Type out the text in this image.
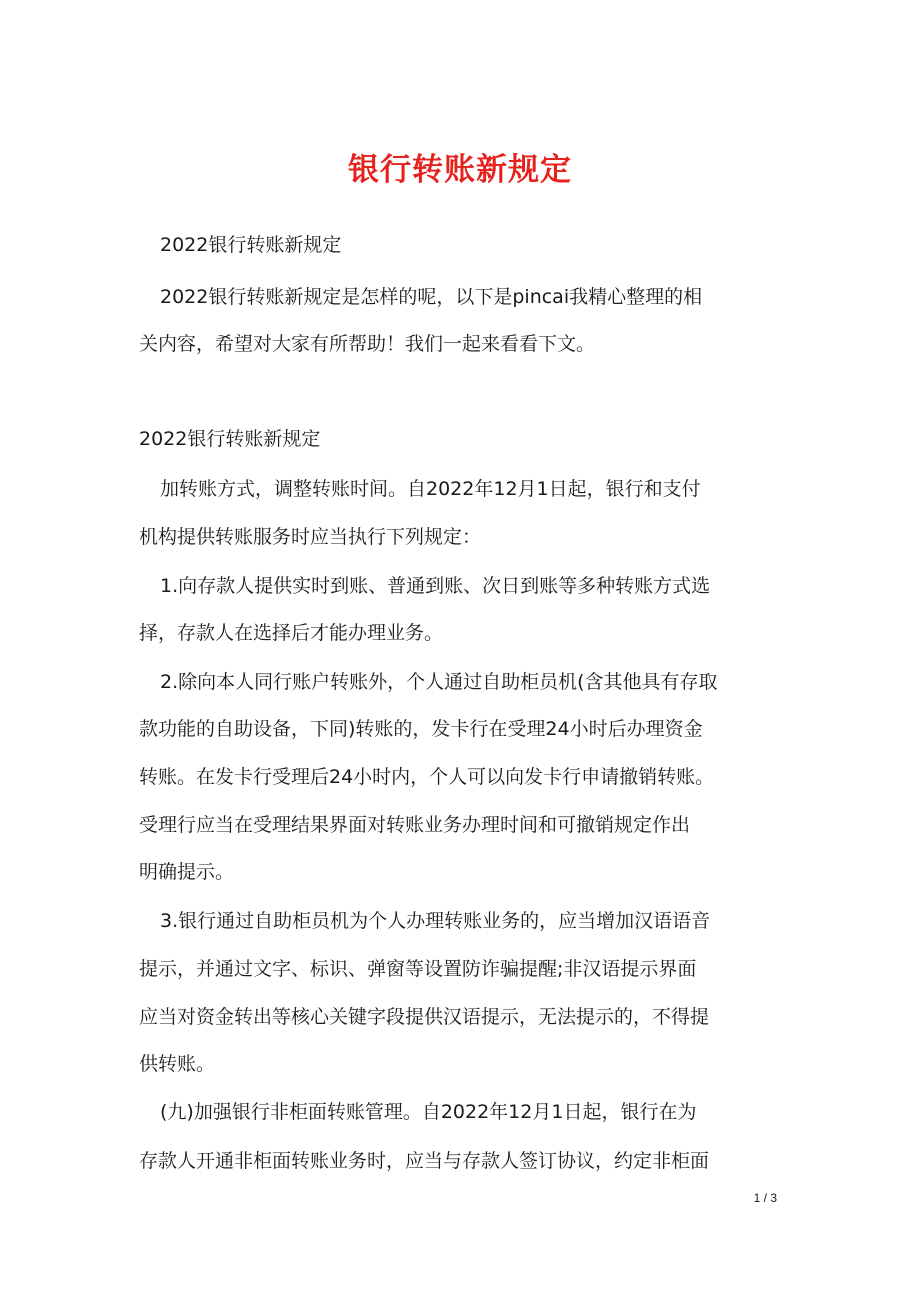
银行转账新规定
2022银行转账新规定
2022银行转账新规定是怎样的呢，以下是pincai我精心整理的相
关内容，希望对大家有所帮助！我们一起来看看下文。
2022银行转账新规定
加转账方式，调整转账时间。自2022年12月1日起，银行和支付
机构提供转账服务时应当执行下列规定：
1.向存款人提供实时到账、普通到账、次日到账等多种转账方式选
择，存款人在选择后才能办理业务。
2.除向本人同行账户转账外，个人通过自助柜员机(含其他具有存取
款功能的自助设备，下同)转账的，发卡行在受理24小时后办理资金
转账。在发卡行受理后24小时内，个人可以向发卡行申请撤销转账。
受理行应当在受理结果界面对转账业务办理时间和可撤销规定作出
明确提示。
3.银行通过自助柜员机为个人办理转账业务的，应当增加汉语语音
提示，并通过文字、标识、弹窗等设置防诈骗提醒;非汉语提示界面
应当对资金转出等核心关键字段提供汉语提示，无法提示的，不得提
供转账。
(九)加强银行非柜面转账管理。自2022年12月1日起，银行在为
存款人开通非柜面转账业务时，应当与存款人签订协议，约定非柜面
1 / 3
